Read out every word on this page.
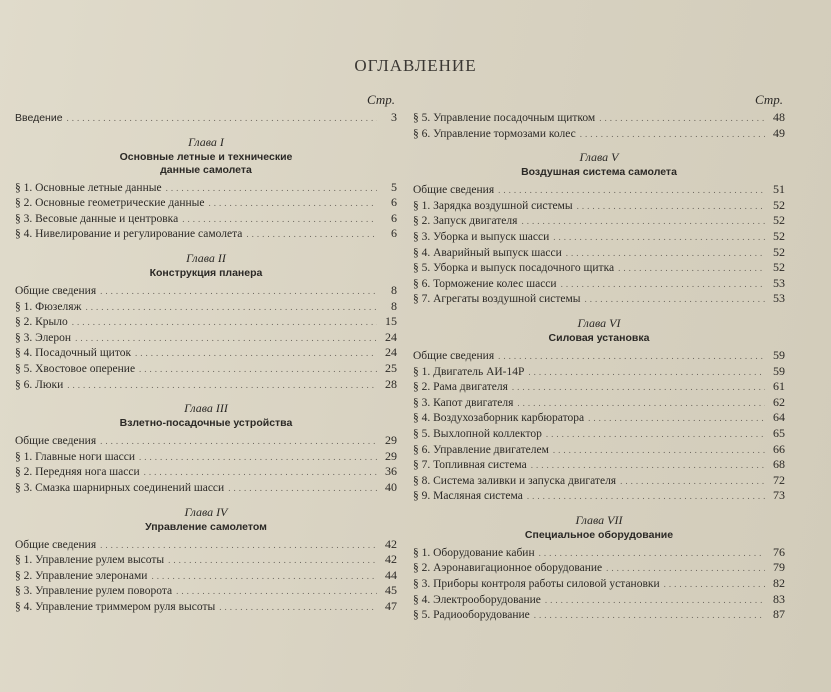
ОГЛАВЛЕНИЕ
Стр.
Введение .....	3
Глава I
Основные летные и технические
данные самолета
§ 1. Основные летные данные .....	5
§ 2. Основные геометрические данные .....	6
§ 3. Весовые данные и центровка .....	6
§ 4. Нивелирование и регулирование самолета .....	6
Глава II
Конструкция планера
Общие сведения .....	8
§ 1. Фюзеляж .....	8
§ 2. Крыло .....	15
§ 3. Элерон .....	24
§ 4. Посадочный щиток .....	24
§ 5. Хвостовое оперение .....	25
§ 6. Люки .....	28
Глава III
Взлетно-посадочные устройства
Общие сведения .....	29
§ 1. Главные ноги шасси .....	29
§ 2. Передняя нога шасси .....	36
§ 3. Смазка шарнирных соединений шасси .....	40
Глава IV
Управление самолетом
Общие сведения .....	42
§ 1. Управление рулем высоты .....	42
§ 2. Управление элеронами .....	44
§ 3. Управление рулем поворота .....	45
§ 4. Управление триммером руля высоты .....	47
Стр.
§ 5. Управление посадочным щитком .....	48
§ 6. Управление тормозами колес .....	49
Глава V
Воздушная система самолета
Общие сведения .....	51
§ 1. Зарядка воздушной системы .....	52
§ 2. Запуск двигателя .....	52
§ 3. Уборка и выпуск шасси .....	52
§ 4. Аварийный выпуск шасси .....	52
§ 5. Уборка и выпуск посадочного щитка .....	52
§ 6. Торможение колес шасси .....	53
§ 7. Агрегаты воздушной системы .....	53
Глава VI
Силовая установка
Общие сведения .....	59
§ 1. Двигатель АИ-14Р .....	59
§ 2. Рама двигателя .....	61
§ 3. Капот двигателя .....	62
§ 4. Воздухозаборник карбюратора .....	64
§ 5. Выхлопной коллектор .....	65
§ 6. Управление двигателем .....	66
§ 7. Топливная система .....	68
§ 8. Система заливки и запуска двигателя .....	72
§ 9. Масляная система .....	73
Глава VII
Специальное оборудование
§ 1. Оборудование кабин .....	76
§ 2. Аэронавигационное оборудование .....	79
§ 3. Приборы контроля работы силовой установки .....	82
§ 4. Электрооборудование .....	83
§ 5. Радиооборудование .....	87
